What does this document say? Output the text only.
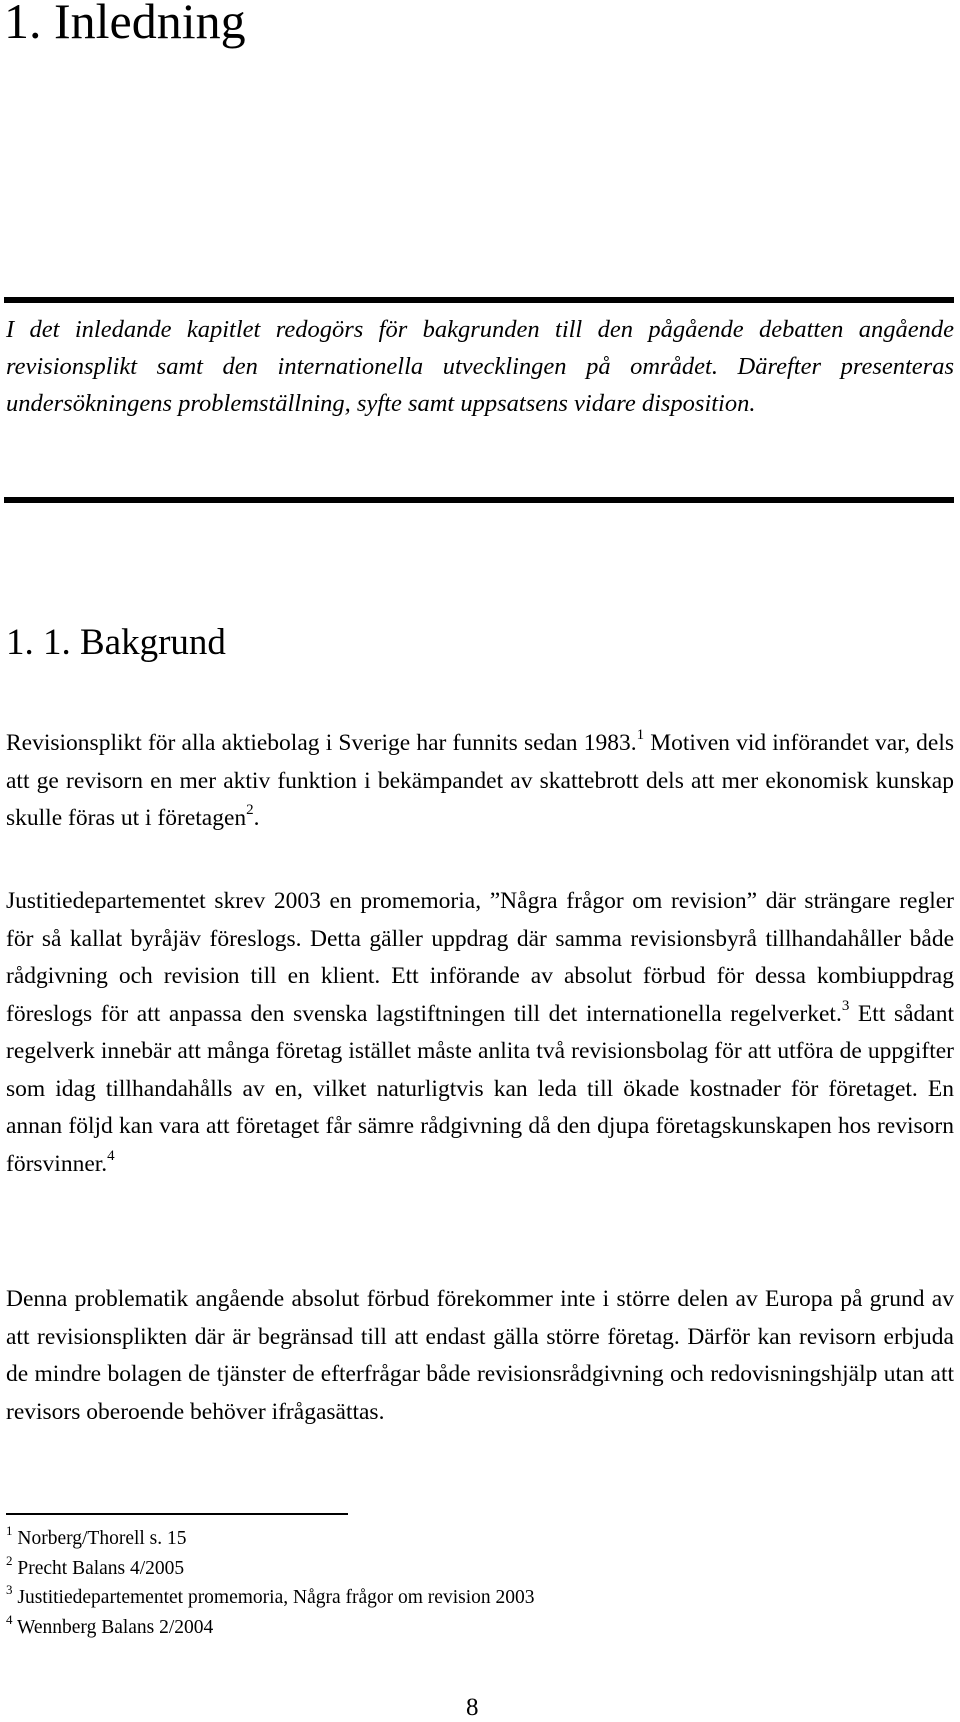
1. Inledning

I det inledande kapitlet redogörs för bakgrunden till den pågående debatten angående revisionsplikt samt den internationella utvecklingen på området. Därefter presenteras undersökningens problemställning, syfte samt uppsatsens vidare disposition.

1. 1. Bakgrund

Revisionsplikt för alla aktiebolag i Sverige har funnits sedan 1983.$^1$ Motiven vid införandet var, dels att ge revisorn en mer aktiv funktion i bekämpandet av skattebrott dels att mer ekonomisk kunskap skulle föras ut i företagen$^2$.

Justitiedepartementet skrev 2003 en promemoria, ”Några frågor om revision” där strängare regler för så kallat byråjäv föreslogs. Detta gäller uppdrag där samma revisionsbyrå tillhandahåller både rådgivning och revision till en klient. Ett införande av absolut förbud för dessa kombiuppdrag föreslogs för att anpassa den svenska lagstiftningen till det internationella regelverket.$^3$ Ett sådant regelverk innebär att många företag istället måste anlita två revisionsbolag för att utföra de uppgifter som idag tillhandahålls av en, vilket naturligtvis kan leda till ökade kostnader för företaget. En annan följd kan vara att företaget får sämre rådgivning då den djupa företagskunskapen hos revisorn försvinner.$^4$

Denna problematik angående absolut förbud förekommer inte i större delen av Europa på grund av att revisionsplikten där är begränsad till att endast gälla större företag. Därför kan revisorn erbjuda de mindre bolagen de tjänster de efterfrågar både revisionsrådgivning och redovisningshjälp utan att revisors oberoende behöver ifrågasättas.

$^1$ Norberg/Thorell s. 15
$^2$ Precht Balans 4/2005
$^3$ Justitiedepartementet promemoria, Några frågor om revision 2003
$^4$ Wennberg Balans 2/2004
8
